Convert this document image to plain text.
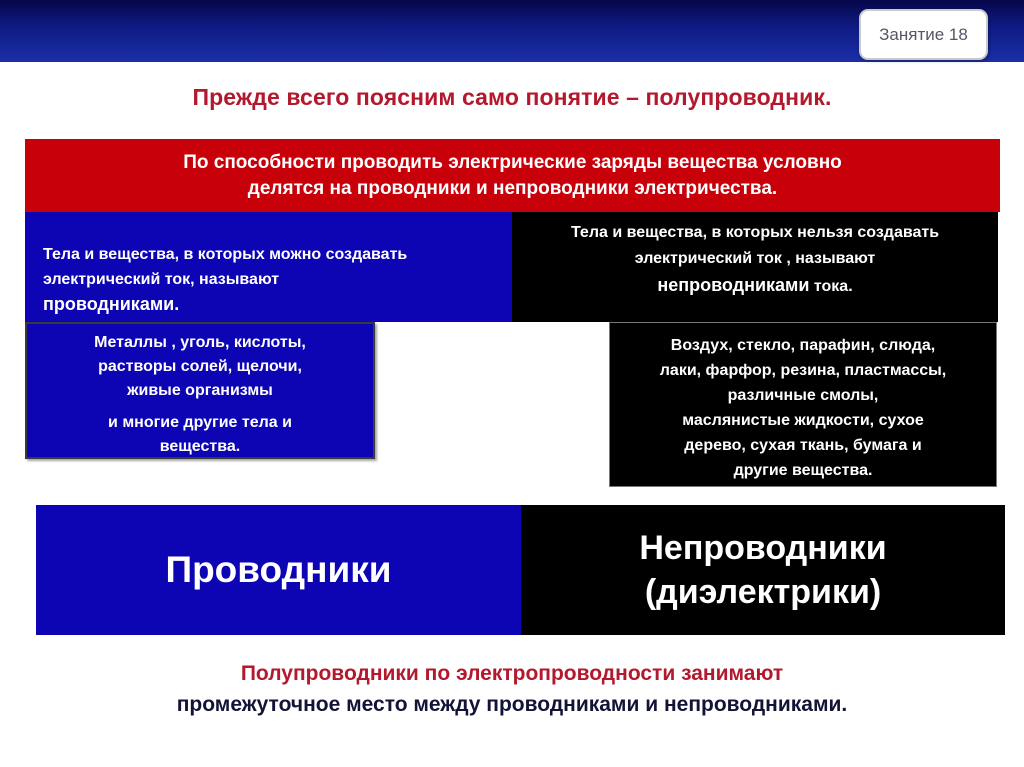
Занятие 18
Прежде всего поясним само понятие – полупроводник.
По способности проводить электрические заряды вещества условно
делятся на проводники и непроводники электричества.
Тела и вещества, в которых можно создавать
электрический ток, называют
проводниками.
Тела и вещества, в которых нельзя создавать
электрический ток , называют
непроводниками тока.
Металлы , уголь, кислоты,
растворы солей, щелочи,
живые организмы
и многие другие тела и
вещества.
Воздух, стекло, парафин, слюда,
лаки, фарфор, резина, пластмассы,
различные смолы,
маслянистые жидкости, сухое
дерево, сухая ткань, бумага и
другие вещества.
Проводники
Непроводники
(диэлектрики)
Полупроводники по электропроводности занимают
промежуточное место между проводниками и непроводниками.
